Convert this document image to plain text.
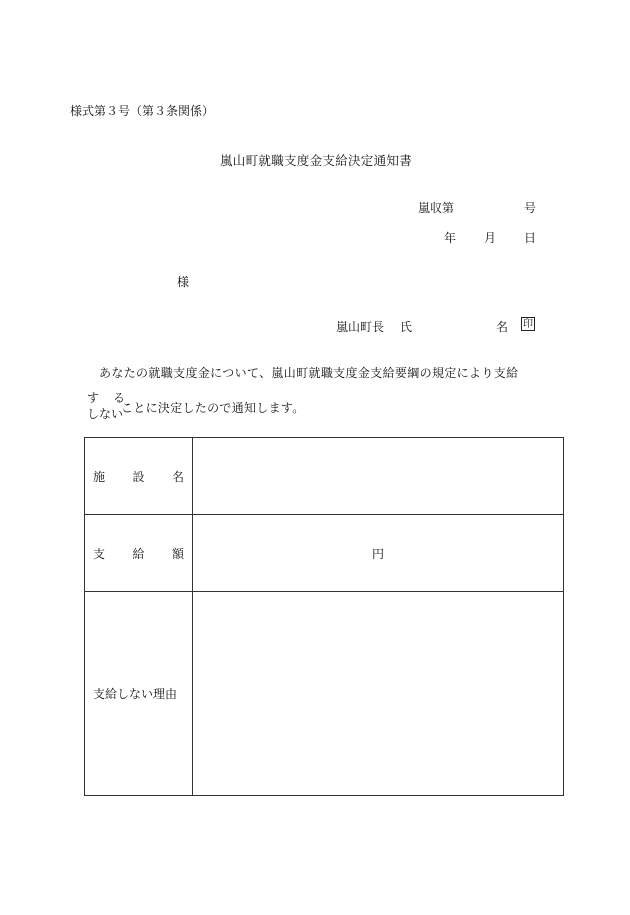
様式第３号（第３条関係）
嵐山町就職支度金支給決定通知書
嵐収第	号
年 月 日
様
嵐山町長 氏	名 印
あなたの就職支度金について、嵐山町就職支度金支給要綱の規定により支給
す る
しない
ことに決定したので通知します。
施 設 名	

支 給 額	円

支給しない理由	
